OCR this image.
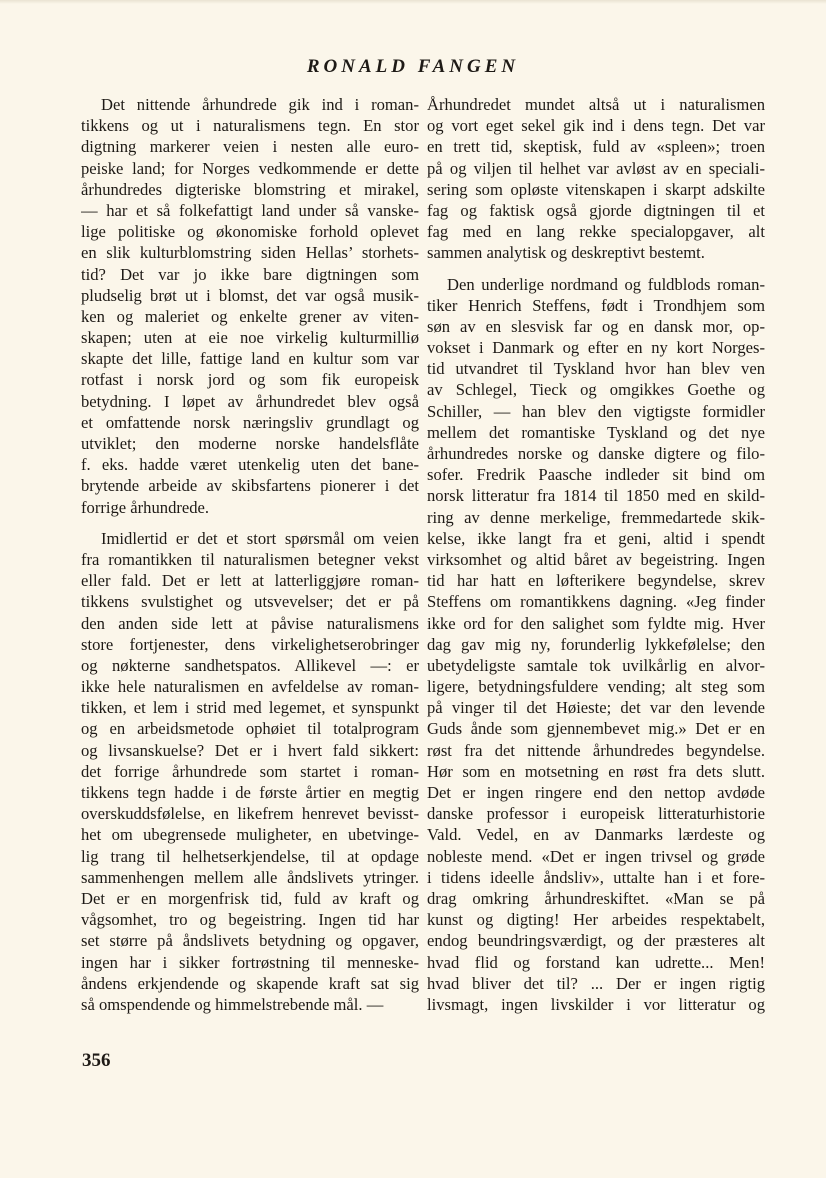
RONALD FANGEN
Det nittende århundrede gik ind i roman-
tikkens og ut i naturalismens tegn. En stor
digtning markerer veien i nesten alle euro-
peiske land; for Norges vedkommende er dette
århundredes digteriske blomstring et mirakel,
— har et så folkefattigt land under så vanske-
lige politiske og økonomiske forhold oplevet
en slik kulturblomstring siden Hellas’ storhets-
tid? Det var jo ikke bare digtningen som
pludselig brøt ut i blomst, det var også musik-
ken og maleriet og enkelte grener av viten-
skapen; uten at eie noe virkelig kulturmilliø
skapte det lille, fattige land en kultur som var
rotfast i norsk jord og som fik europeisk
betydning. I løpet av århundredet blev også
et omfattende norsk næringsliv grundlagt og
utviklet; den moderne norske handelsflåte
f. eks. hadde været utenkelig uten det bane-
brytende arbeide av skibsfartens pionerer i det
forrige århundrede.
Imidlertid er det et stort spørsmål om veien
fra romantikken til naturalismen betegner vekst
eller fald. Det er lett at latterliggjøre roman-
tikkens svulstighet og utsvevelser; det er på
den anden side lett at påvise naturalismens
store fortjenester, dens virkelighetserobringer
og nøkterne sandhetspatos. Allikevel —: er
ikke hele naturalismen en avfeldelse av roman-
tikken, et lem i strid med legemet, et synspunkt
og en arbeidsmetode ophøiet til totalprogram
og livsanskuelse? Det er i hvert fald sikkert:
det forrige århundrede som startet i roman-
tikkens tegn hadde i de første årtier en megtig
overskuddsfølelse, en likefrem henrevet bevisst-
het om ubegrensede muligheter, en ubetvinge-
lig trang til helhetserkjendelse, til at opdage
sammenhengen mellem alle åndslivets ytringer.
Det er en morgenfrisk tid, fuld av kraft og
vågsomhet, tro og begeistring. Ingen tid har
set større på åndslivets betydning og opgaver,
ingen har i sikker fortrøstning til menneske-
åndens erkjendende og skapende kraft sat sig
så omspendende og himmelstrebende mål. —
Århundredet mundet altså ut i naturalismen
og vort eget sekel gik ind i dens tegn. Det var
en trett tid, skeptisk, fuld av «spleen»; troen
på og viljen til helhet var avløst av en speciali-
sering som opløste vitenskapen i skarpt adskilte
fag og faktisk også gjorde digtningen til et
fag med en lang rekke specialopgaver, alt
sammen analytisk og deskreptivt bestemt.
Den underlige nordmand og fuldblods roman-
tiker Henrich Steffens, født i Trondhjem som
søn av en slesvisk far og en dansk mor, op-
vokset i Danmark og efter en ny kort Norges-
tid utvandret til Tyskland hvor han blev ven
av Schlegel, Tieck og omgikkes Goethe og
Schiller, — han blev den vigtigste formidler
mellem det romantiske Tyskland og det nye
århundredes norske og danske digtere og filo-
sofer. Fredrik Paasche indleder sit bind om
norsk litteratur fra 1814 til 1850 med en skild-
ring av denne merkelige, fremmedartede skik-
kelse, ikke langt fra et geni, altid i spendt
virksomhet og altid båret av begeistring. Ingen
tid har hatt en løfterikere begyndelse, skrev
Steffens om romantikkens dagning. «Jeg finder
ikke ord for den salighet som fyldte mig. Hver
dag gav mig ny, forunderlig lykkefølelse; den
ubetydeligste samtale tok uvilkårlig en alvor-
ligere, betydningsfuldere vending; alt steg som
på vinger til det Høieste; det var den levende
Guds ånde som gjennembevet mig.» Det er en
røst fra det nittende århundredes begyndelse.
Hør som en motsetning en røst fra dets slutt.
Det er ingen ringere end den nettop avdøde
danske professor i europeisk litteraturhistorie
Vald. Vedel, en av Danmarks lærdeste og
nobleste mend. «Det er ingen trivsel og grøde
i tidens ideelle åndsliv», uttalte han i et fore-
drag omkring århundreskiftet. «Man se på
kunst og digting! Her arbeides respektabelt,
endog beundringsværdigt, og der præsteres alt
hvad flid og forstand kan udrette... Men!
hvad bliver det til? ... Der er ingen rigtig
livsmagt, ingen livskilder i vor litteratur og
356
